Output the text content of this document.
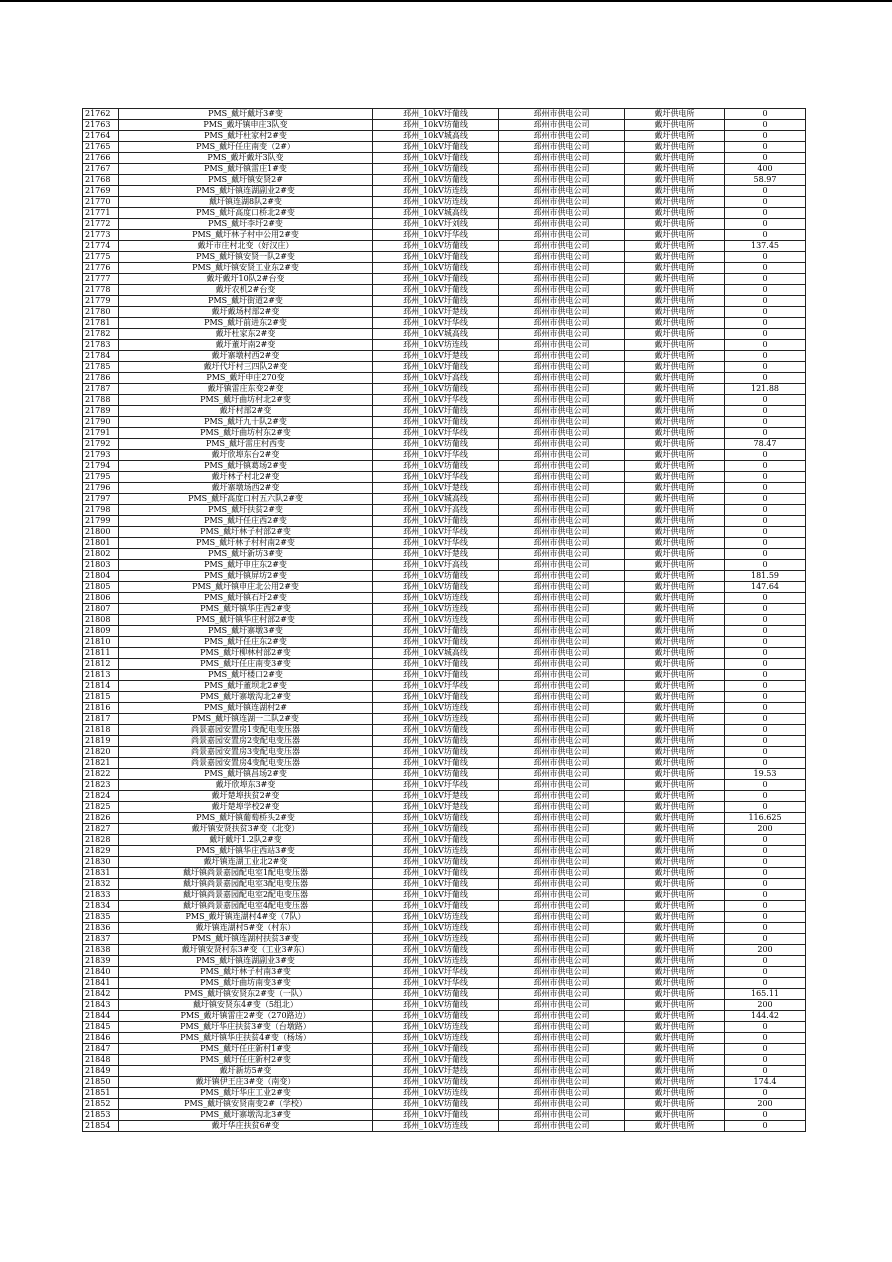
21762	PMS_戴圩戴圩3#变	邳州_10kV圩葡线	邳州市供电公司	戴圩供电所	0
21763	PMS_戴圩镇申庄3队变	邳州_10kV坊葡线	邳州市供电公司	戴圩供电所	0
21764	PMS_戴圩杜家村2#变	邳州_10kV城高线	邳州市供电公司	戴圩供电所	0
21765	PMS_戴圩任庄南变（2#）	邳州_10kV圩葡线	邳州市供电公司	戴圩供电所	0
21766	PMS_戴圩戴圩3队变	邳州_10kV圩葡线	邳州市供电公司	戴圩供电所	0
21767	PMS_戴圩镇雷庄1#变	邳州_10kV坊葡线	邳州市供电公司	戴圩供电所	400
21768	PMS_戴圩镇安贤2#	邳州_10kV坊葡线	邳州市供电公司	戴圩供电所	58.97
21769	PMS_戴圩镇连湖副业2#变	邳州_10kV坊连线	邳州市供电公司	戴圩供电所	0
21770	戴圩镇连湖8队2#变	邳州_10kV坊连线	邳州市供电公司	戴圩供电所	0
21771	PMS_戴圩高度口桥北2#变	邳州_10kV城高线	邳州市供电公司	戴圩供电所	0
21772	PMS_戴圩李圩2#变	邳州_10kV圩刘线	邳州市供电公司	戴圩供电所	0
21773	PMS_戴圩林子村中公用2#变	邳州_10kV圩华线	邳州市供电公司	戴圩供电所	0
21774	戴圩市庄村北变（好汉庄）	邳州_10kV坊葡线	邳州市供电公司	戴圩供电所	137.45
21775	PMS_戴圩镇安贤一队2#变	邳州_10kV圩葡线	邳州市供电公司	戴圩供电所	0
21776	PMS_戴圩镇安贤工业东2#变	邳州_10kV坊葡线	邳州市供电公司	戴圩供电所	0
21777	戴圩戴圩10队2#台变	邳州_10kV圩葡线	邳州市供电公司	戴圩供电所	0
21778	戴圩农机2#台变	邳州_10kV圩葡线	邳州市供电公司	戴圩供电所	0
21779	PMS_戴圩街道2#变	邳州_10kV圩葡线	邳州市供电公司	戴圩供电所	0
21780	戴圩戴场村部2#变	邳州_10kV圩楚线	邳州市供电公司	戴圩供电所	0
21781	PMS_戴圩前进东2#变	邳州_10kV圩华线	邳州市供电公司	戴圩供电所	0
21782	戴圩杜家东2#变	邳州_10kV城高线	邳州市供电公司	戴圩供电所	0
21783	戴圩董圩南2#变	邳州_10kV坊连线	邳州市供电公司	戴圩供电所	0
21784	戴圩寨墩村西2#变	邳州_10kV圩楚线	邳州市供电公司	戴圩供电所	0
21785	戴圩代圩村三四队2#变	邳州_10kV圩葡线	邳州市供电公司	戴圩供电所	0
21786	PMS_戴圩申庄270变	邳州_10kV圩高线	邳州市供电公司	戴圩供电所	0
21787	戴圩镇雷庄东变2#变	邳州_10kV坊葡线	邳州市供电公司	戴圩供电所	121.88
21788	PMS_戴圩曲坊村北2#变	邳州_10kV圩华线	邳州市供电公司	戴圩供电所	0
21789	戴圩村部2#变	邳州_10kV圩葡线	邳州市供电公司	戴圩供电所	0
21790	PMS_戴圩九十队2#变	邳州_10kV圩葡线	邳州市供电公司	戴圩供电所	0
21791	PMS_戴圩曲坊村东2#变	邳州_10kV圩华线	邳州市供电公司	戴圩供电所	0
21792	PMS_戴圩雷庄村西变	邳州_10kV坊葡线	邳州市供电公司	戴圩供电所	78.47
21793	戴圩欣埠东台2#变	邳州_10kV圩华线	邳州市供电公司	戴圩供电所	0
21794	PMS_戴圩镇葛场2#变	邳州_10kV坊葡线	邳州市供电公司	戴圩供电所	0
21795	戴圩林子村北2#变	邳州_10kV圩华线	邳州市供电公司	戴圩供电所	0
21796	戴圩寨墩场西2#变	邳州_10kV圩楚线	邳州市供电公司	戴圩供电所	0
21797	PMS_戴圩高度口村五六队2#变	邳州_10kV城高线	邳州市供电公司	戴圩供电所	0
21798	PMS_戴圩扶贫2#变	邳州_10kV圩高线	邳州市供电公司	戴圩供电所	0
21799	PMS_戴圩任庄西2#变	邳州_10kV圩葡线	邳州市供电公司	戴圩供电所	0
21800	PMS_戴圩林子村部2#变	邳州_10kV圩华线	邳州市供电公司	戴圩供电所	0
21801	PMS_戴圩林子村村南2#变	邳州_10kV圩华线	邳州市供电公司	戴圩供电所	0
21802	PMS_戴圩新坊3#变	邳州_10kV圩楚线	邳州市供电公司	戴圩供电所	0
21803	PMS_戴圩申庄东2#变	邳州_10kV圩高线	邳州市供电公司	戴圩供电所	0
21804	PMS_戴圩镇屏坊2#变	邳州_10kV坊葡线	邳州市供电公司	戴圩供电所	181.59
21805	PMS_戴圩镇申庄北公用2#变	邳州_10kV坊葡线	邳州市供电公司	戴圩供电所	147.64
21806	PMS_戴圩镇石圩2#变	邳州_10kV坊连线	邳州市供电公司	戴圩供电所	0
21807	PMS_戴圩镇华庄西2#变	邳州_10kV坊连线	邳州市供电公司	戴圩供电所	0
21808	PMS_戴圩镇华庄村部2#变	邳州_10kV坊连线	邳州市供电公司	戴圩供电所	0
21809	PMS_戴圩寨墩3#变	邳州_10kV圩葡线	邳州市供电公司	戴圩供电所	0
21810	PMS_戴圩任庄东2#变	邳州_10kV圩葡线	邳州市供电公司	戴圩供电所	0
21811	PMS_戴圩柳林村部2#变	邳州_10kV城高线	邳州市供电公司	戴圩供电所	0
21812	PMS_戴圩任庄南变3#变	邳州_10kV圩葡线	邳州市供电公司	戴圩供电所	0
21813	PMS_戴圩楼口2#变	邳州_10kV圩葡线	邳州市供电公司	戴圩供电所	0
21814	PMS_戴圩董坝北2#变	邳州_10kV圩华线	邳州市供电公司	戴圩供电所	0
21815	PMS_戴圩寨墩沟北2#变	邳州_10kV圩葡线	邳州市供电公司	戴圩供电所	0
21816	PMS_戴圩镇连湖村2#	邳州_10kV坊连线	邳州市供电公司	戴圩供电所	0
21817	PMS_戴圩镇连湖一二队2#变	邳州_10kV坊连线	邳州市供电公司	戴圩供电所	0
21818	尚景嘉园安置房1变配电变压器	邳州_10kV坊葡线	邳州市供电公司	戴圩供电所	0
21819	尚景嘉园安置房2变配电变压器	邳州_10kV坊葡线	邳州市供电公司	戴圩供电所	0
21820	尚景嘉园安置房3变配电变压器	邳州_10kV坊葡线	邳州市供电公司	戴圩供电所	0
21821	尚景嘉园安置房4变配电变压器	邳州_10kV圩葡线	邳州市供电公司	戴圩供电所	0
21822	PMS_戴圩镇昌场2#变	邳州_10kV坊葡线	邳州市供电公司	戴圩供电所	19.53
21823	戴圩欣埠东3#变	邳州_10kV圩华线	邳州市供电公司	戴圩供电所	0
21824	戴圩楚埠扶贫2#变	邳州_10kV圩楚线	邳州市供电公司	戴圩供电所	0
21825	戴圩楚埠学校2#变	邳州_10kV圩楚线	邳州市供电公司	戴圩供电所	0
21826	PMS_戴圩镇葡萄桥头2#变	邳州_10kV坊葡线	邳州市供电公司	戴圩供电所	116.625
21827	戴圩镇安贤扶贫3#变（北变）	邳州_10kV坊葡线	邳州市供电公司	戴圩供电所	200
21828	戴圩戴圩1.2队2#变	邳州_10kV圩葡线	邳州市供电公司	戴圩供电所	0
21829	PMS_戴圩镇华庄西站3#变	邳州_10kV坊连线	邳州市供电公司	戴圩供电所	0
21830	戴圩镇连湖工业北2#变	邳州_10kV坊葡线	邳州市供电公司	戴圩供电所	0
21831	戴圩镇尚景嘉园配电室1配电变压器	邳州_10kV圩葡线	邳州市供电公司	戴圩供电所	0
21832	戴圩镇尚景嘉园配电室3配电变压器	邳州_10kV圩葡线	邳州市供电公司	戴圩供电所	0
21833	戴圩镇尚景嘉园配电室2配电变压器	邳州_10kV圩葡线	邳州市供电公司	戴圩供电所	0
21834	戴圩镇尚景嘉园配电室4配电变压器	邳州_10kV圩葡线	邳州市供电公司	戴圩供电所	0
21835	PMS_戴圩镇连湖村4#变（7队）	邳州_10kV坊连线	邳州市供电公司	戴圩供电所	0
21836	戴圩镇连湖村5#变（村东）	邳州_10kV坊连线	邳州市供电公司	戴圩供电所	0
21837	PMS_戴圩镇连湖村扶贫3#变	邳州_10kV坊连线	邳州市供电公司	戴圩供电所	0
21838	戴圩镇安贤村东3#变（工业3#东）	邳州_10kV坊葡线	邳州市供电公司	戴圩供电所	200
21839	PMS_戴圩镇连湖副业3#变	邳州_10kV坊连线	邳州市供电公司	戴圩供电所	0
21840	PMS_戴圩林子村南3#变	邳州_10kV圩华线	邳州市供电公司	戴圩供电所	0
21841	PMS_戴圩曲坊南变3#变	邳州_10kV圩华线	邳州市供电公司	戴圩供电所	0
21842	PMS_戴圩镇安贤东2#变（一队）	邳州_10kV坊葡线	邳州市供电公司	戴圩供电所	165.11
21843	戴圩镇安贤东4#变（5组北）	邳州_10kV坊葡线	邳州市供电公司	戴圩供电所	200
21844	PMS_戴圩镇雷庄2#变（270路边）	邳州_10kV坊葡线	邳州市供电公司	戴圩供电所	144.42
21845	PMS_戴圩华庄扶贫3#变（台墩路）	邳州_10kV坊连线	邳州市供电公司	戴圩供电所	0
21846	PMS_戴圩镇华庄扶贫4#变（杨场）	邳州_10kV坊连线	邳州市供电公司	戴圩供电所	0
21847	PMS_戴圩任庄新村1#变	邳州_10kV圩葡线	邳州市供电公司	戴圩供电所	0
21848	PMS_戴圩任庄新村2#变	邳州_10kV圩葡线	邳州市供电公司	戴圩供电所	0
21849	戴圩新坊5#变	邳州_10kV圩楚线	邳州市供电公司	戴圩供电所	0
21850	戴圩镇伊王庄3#变（南变）	邳州_10kV坊葡线	邳州市供电公司	戴圩供电所	174.4
21851	PMS_戴圩华庄工业2#变	邳州_10kV坊连线	邳州市供电公司	戴圩供电所	0
21852	PMS_戴圩镇安贤南变2#（学校）	邳州_10kV坊葡线	邳州市供电公司	戴圩供电所	200
21853	PMS_戴圩寨墩沟北3#变	邳州_10kV圩葡线	邳州市供电公司	戴圩供电所	0
21854	戴圩华庄扶贫6#变	邳州_10kV坊连线	邳州市供电公司	戴圩供电所	0
